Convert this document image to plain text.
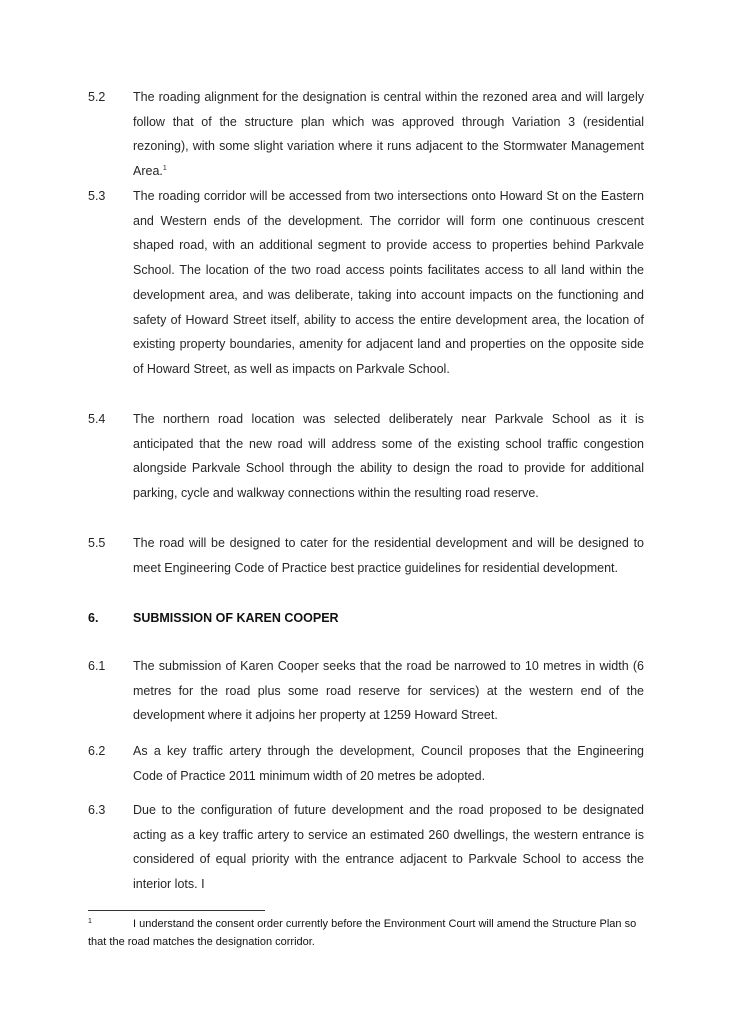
5.2	The roading alignment for the designation is central within the rezoned area and will largely follow that of the structure plan which was approved through Variation 3 (residential rezoning), with some slight variation where it runs adjacent to the Stormwater Management Area.$^1$
5.3	The roading corridor will be accessed from two intersections onto Howard St on the Eastern and Western ends of the development. The corridor will form one continuous crescent shaped road, with an additional segment to provide access to properties behind Parkvale School. The location of the two road access points facilitates access to all land within the development area, and was deliberate, taking into account impacts on the functioning and safety of Howard Street itself, ability to access the entire development area, the location of existing property boundaries, amenity for adjacent land and properties on the opposite side of Howard Street, as well as impacts on Parkvale School.
5.4	The northern road location was selected deliberately near Parkvale School as it is anticipated that the new road will address some of the existing school traffic congestion alongside Parkvale School through the ability to design the road to provide for additional parking, cycle and walkway connections within the resulting road reserve.
5.5	The road will be designed to cater for the residential development and will be designed to meet Engineering Code of Practice best practice guidelines for residential development.
6.	SUBMISSION OF KAREN COOPER
6.1	The submission of Karen Cooper seeks that the road be narrowed to 10 metres in width (6 metres for the road plus some road reserve for services) at the western end of the development where it adjoins her property at 1259 Howard Street.
6.2	As a key traffic artery through the development, Council proposes that the Engineering Code of Practice 2011 minimum width of 20 metres be adopted.
6.3	Due to the configuration of future development and the road proposed to be designated acting as a key traffic artery to service an estimated 260 dwellings, the western entrance is considered of equal priority with the entrance adjacent to Parkvale School to access the interior lots. I
1	I understand the consent order currently before the Environment Court will amend the Structure Plan so that the road matches the designation corridor.
